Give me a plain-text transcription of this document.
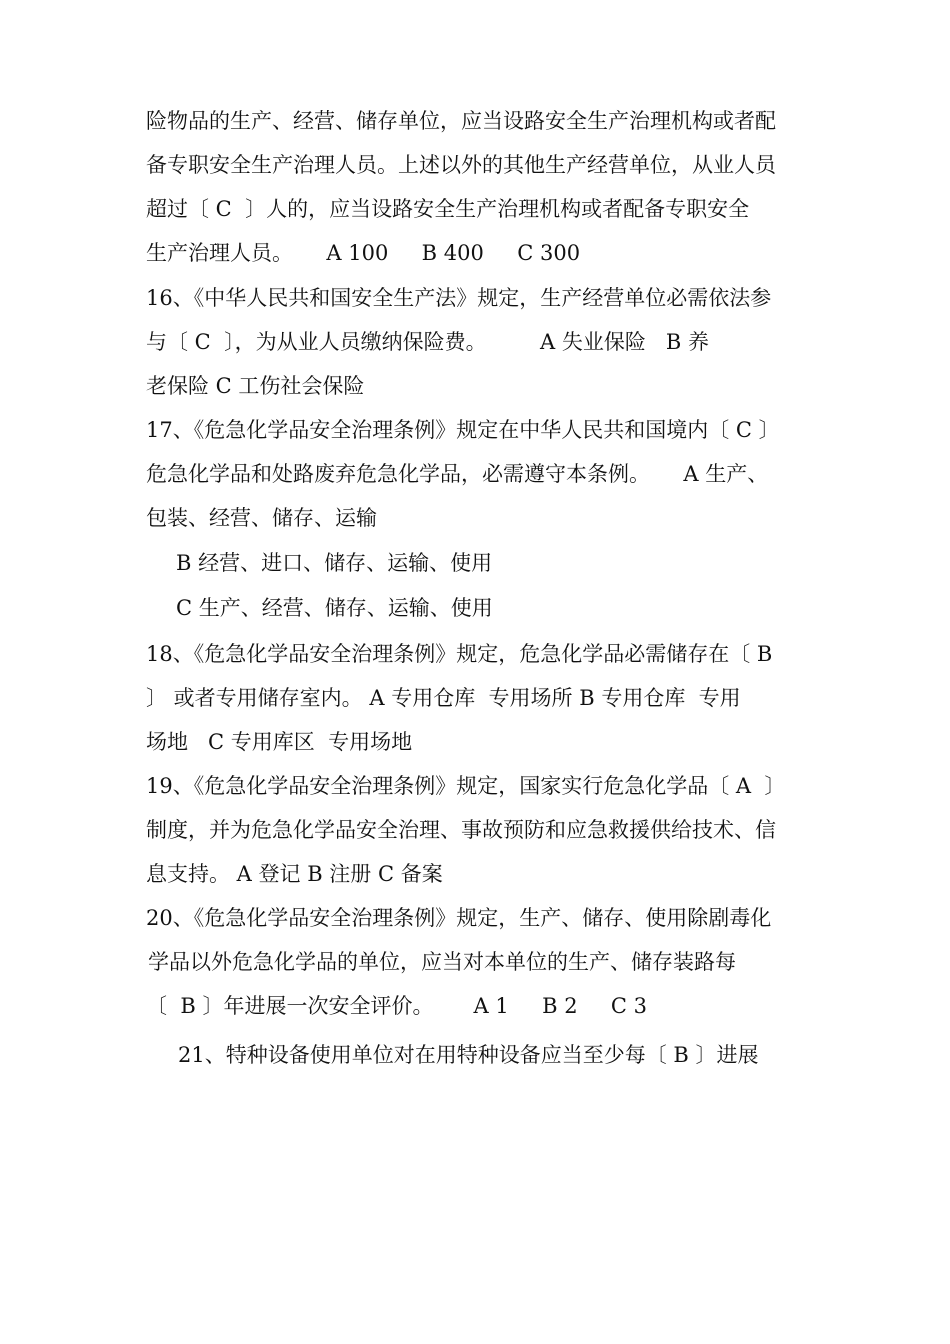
险物品的生产、经营、储存单位，应当设路安全生产治理机构或者配
备专职安全生产治理人员。上述以外的其他生产经营单位，从业人员
超过〔 C  〕人的，应当设路安全生产治理机构或者配备专职安全
生产治理人员。     A 100     B 400     C 300
16、《中华人民共和国安全生产法》规定，生产经营单位必需依法参
与〔 C  〕，为从业人员缴纳保险费。        A 失业保险   B 养
老保险 C 工伤社会保险
17、《危急化学品安全治理条例》规定在中华人民共和国境内〔 C 〕
危急化学品和处路废弃危急化学品，必需遵守本条例。     A 生产、
包装、经营、储存、运输
B 经营、进口、储存、运输、使用
C 生产、经营、储存、运输、使用
18、《危急化学品安全治理条例》规定，危急化学品必需储存在〔 B
〕 或者专用储存室内。 A 专用仓库  专用场所 B 专用仓库  专用
场地   C 专用库区  专用场地
19、《危急化学品安全治理条例》规定，国家实行危急化学品〔 A  〕
制度，并为危急化学品安全治理、事故预防和应急救援供给技术、信
息支持。 A 登记 B 注册 C 备案
20、《危急化学品安全治理条例》规定，生产、储存、使用除剧毒化
学品以外危急化学品的单位，应当对本单位的生产、储存装路每
〔  B 〕年进展一次安全评价。      A 1     B 2     C 3
21、特种设备使用单位对在用特种设备应当至少每〔 B 〕进展
